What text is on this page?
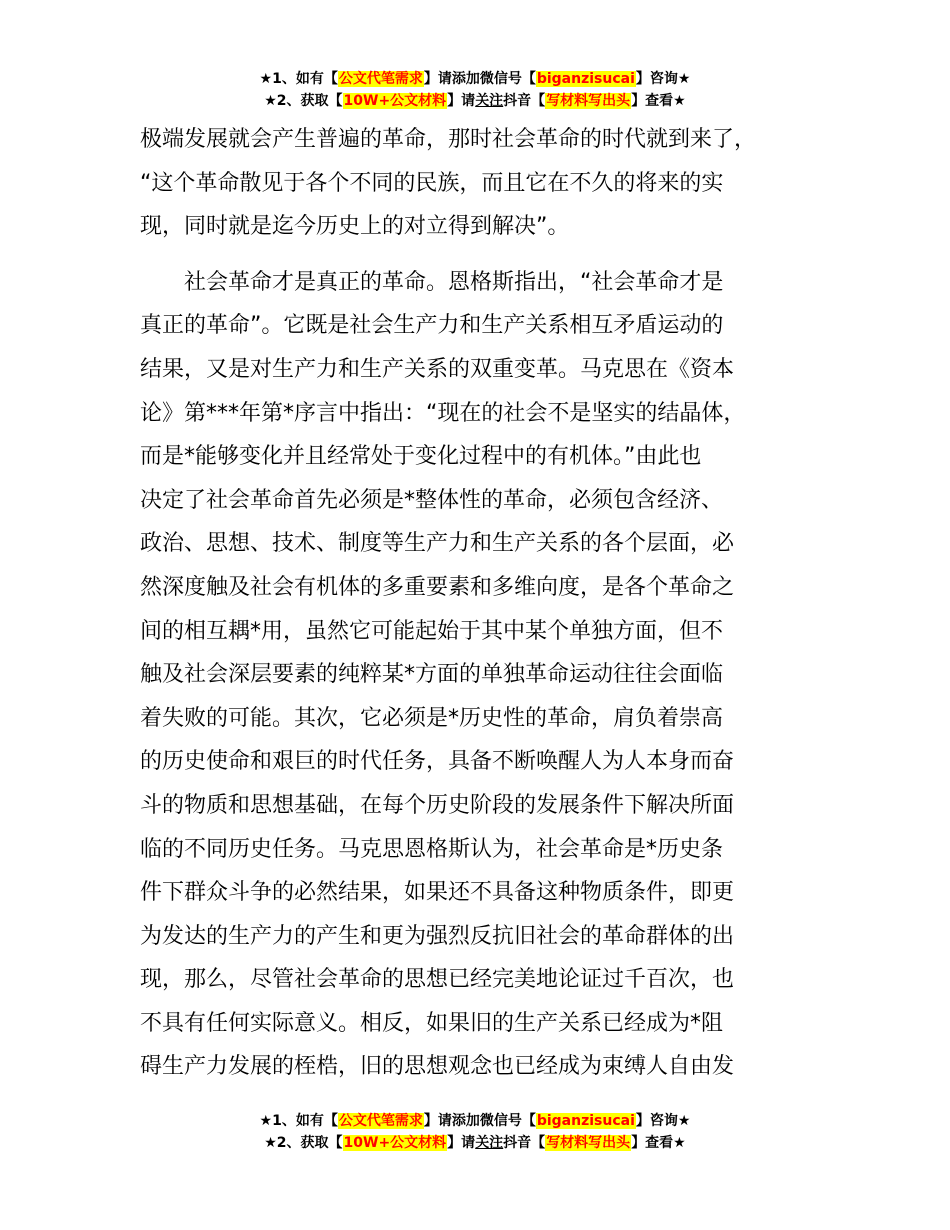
★1、如有【公文代笔需求】请添加微信号【biganzisucai】咨询★
★2、获取【10W+公文材料】请关注抖音【写材料写出头】查看★
极端发展就会产生普遍的革命，那时社会革命的时代就到来了，
“这个革命散见于各个不同的民族，而且它在不久的将来的实
现，同时就是迄今历史上的对立得到解决”。
　　社会革命才是真正的革命。恩格斯指出，“社会革命才是
真正的革命”。它既是社会生产力和生产关系相互矛盾运动的
结果，又是对生产力和生产关系的双重变革。马克思在《资本
论》第***年第*序言中指出：“现在的社会不是坚实的结晶体，
而是*能够变化并且经常处于变化过程中的有机体。”由此也
决定了社会革命首先必须是*整体性的革命，必须包含经济、
政治、思想、技术、制度等生产力和生产关系的各个层面，必
然深度触及社会有机体的多重要素和多维向度，是各个革命之
间的相互耦*用，虽然它可能起始于其中某个单独方面，但不
触及社会深层要素的纯粹某*方面的单独革命运动往往会面临
着失败的可能。其次，它必须是*历史性的革命，肩负着崇高
的历史使命和艰巨的时代任务，具备不断唤醒人为人本身而奋
斗的物质和思想基础，在每个历史阶段的发展条件下解决所面
临的不同历史任务。马克思恩格斯认为，社会革命是*历史条
件下群众斗争的必然结果，如果还不具备这种物质条件，即更
为发达的生产力的产生和更为强烈反抗旧社会的革命群体的出
现，那么，尽管社会革命的思想已经完美地论证过千百次，也
不具有任何实际意义。相反，如果旧的生产关系已经成为*阻
碍生产力发展的桎梏，旧的思想观念也已经成为束缚人自由发
★1、如有【公文代笔需求】请添加微信号【biganzisucai】咨询★
★2、获取【10W+公文材料】请关注抖音【写材料写出头】查看★
